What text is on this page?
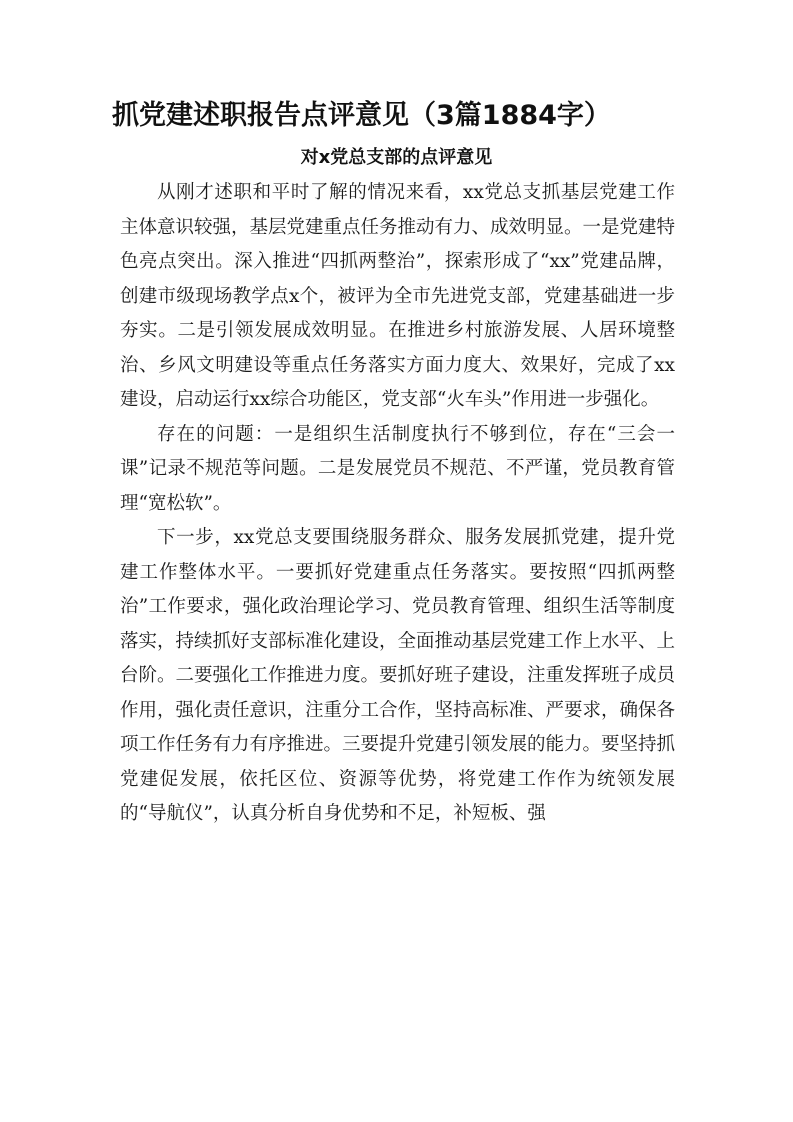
抓党建述职报告点评意见（3篇1884字）
对x党总支部的点评意见

从刚才述职和平时了解的情况来看，xx党总支抓基层党建工作主体意识较强，基层党建重点任务推动有力、成效明显。一是党建特色亮点突出。深入推进“四抓两整治”，探索形成了“xx”党建品牌，创建市级现场教学点x个，被评为全市先进党支部，党建基础进一步夯实。二是引领发展成效明显。在推进乡村旅游发展、人居环境整治、乡风文明建设等重点任务落实方面力度大、效果好，完成了xx建设，启动运行xx综合功能区，党支部“火车头”作用进一步强化。

存在的问题：一是组织生活制度执行不够到位，存在“三会一课”记录不规范等问题。二是发展党员不规范、不严谨，党员教育管理“宽松软”。

下一步，xx党总支要围绕服务群众、服务发展抓党建，提升党建工作整体水平。一要抓好党建重点任务落实。要按照“四抓两整治”工作要求，强化政治理论学习、党员教育管理、组织生活等制度落实，持续抓好支部标准化建设，全面推动基层党建工作上水平、上台阶。二要强化工作推进力度。要抓好班子建设，注重发挥班子成员作用，强化责任意识，注重分工合作，坚持高标准、严要求，确保各项工作任务有力有序推进。三要提升党建引领发展的能力。要坚持抓党建促发展，依托区位、资源等优势，将党建工作作为统领发展的“导航仪”，认真分析自身优势和不足，补短板、强
